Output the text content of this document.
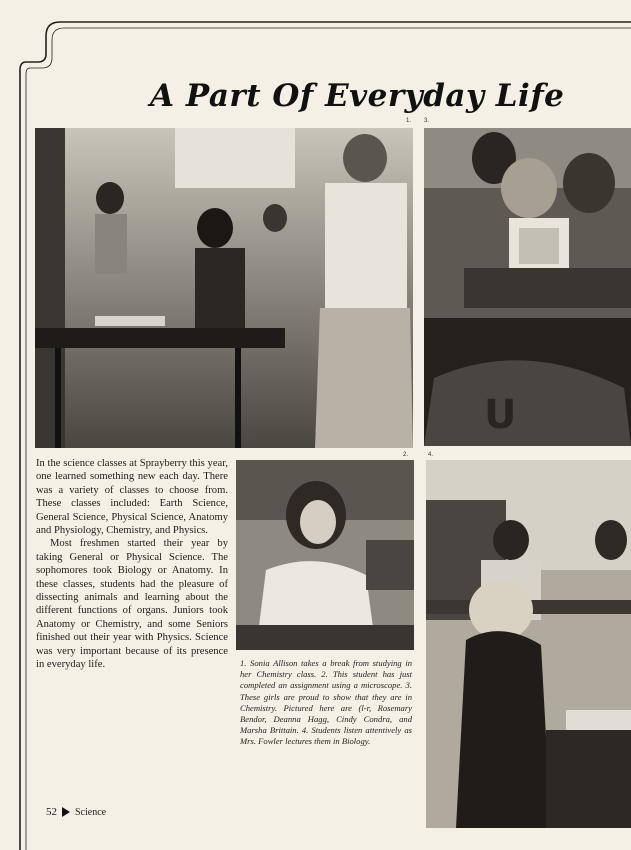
A Part Of Everyday Life
1. 3.
U
2.	4.

In the science classes at Sprayberry this year, one learned something new each day. There was a variety of classes to choose from. These classes included: Earth Science, General Science, Physical Science, Anatomy and Physiology, Chemistry, and Physics.

Most freshmen started their year by taking General or Physical Science. The sophomores took Biology or Anatomy. In these classes, students had the pleasure of dissecting animals and learning about the different functions of organs. Juniors took Anatomy or Chemistry, and some Seniors finished out their year with Physics. Science was very important because of its presence in everyday life.	1. Sonia Allison takes a break from studying in her Chemistry class. 2. This student has just completed an assignment using a microscope. 3. These girls are proud to show that they are in Chemistry. Pictured here are (l-r, Rosemary Bendor, Deanna Hagg, Cindy Condra, and Marsha Brittain. 4. Students listen attentively as Mrs. Fowler lectures them in Biology.
52 Science
